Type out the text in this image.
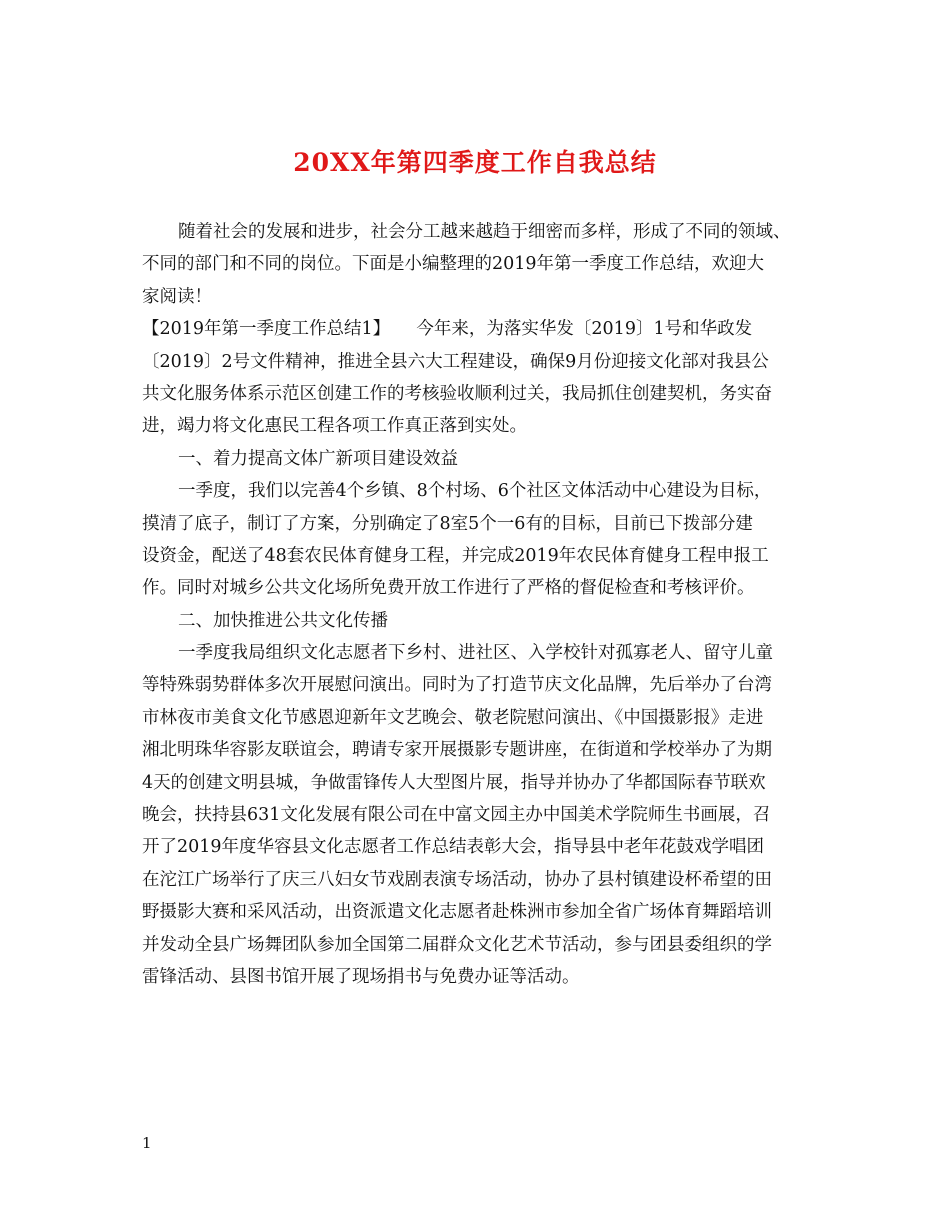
20XX年第四季度工作自我总结
随着社会的发展和进步，社会分工越来越趋于细密而多样，形成了不同的领域、
不同的部门和不同的岗位。下面是小编整理的2019年第一季度工作总结，欢迎大
家阅读！
【2019年第一季度工作总结1】　　今年来，为落实华发〔2019〕1号和华政发
〔2019〕2号文件精神，推进全县六大工程建设，确保9月份迎接文化部对我县公
共文化服务体系示范区创建工作的考核验收顺利过关，我局抓住创建契机，务实奋
进，竭力将文化惠民工程各项工作真正落到实处。
一、着力提高文体广新项目建设效益
一季度，我们以完善4个乡镇、8个村场、6个社区文体活动中心建设为目标，
摸清了底子，制订了方案，分别确定了8室5个一6有的目标，目前已下拨部分建
设资金，配送了48套农民体育健身工程，并完成2019年农民体育健身工程申报工
作。同时对城乡公共文化场所免费开放工作进行了严格的督促检查和考核评价。
二、加快推进公共文化传播
一季度我局组织文化志愿者下乡村、进社区、入学校针对孤寡老人、留守儿童
等特殊弱势群体多次开展慰问演出。同时为了打造节庆文化品牌，先后举办了台湾
市林夜市美食文化节感恩迎新年文艺晚会、敬老院慰问演出、《中国摄影报》走进
湘北明珠华容影友联谊会，聘请专家开展摄影专题讲座，在街道和学校举办了为期
4天的创建文明县城，争做雷锋传人大型图片展，指导并协办了华都国际春节联欢
晚会，扶持县631文化发展有限公司在中富文园主办中国美术学院师生书画展，召
开了2019年度华容县文化志愿者工作总结表彰大会，指导县中老年花鼓戏学唱团
在沱江广场举行了庆三八妇女节戏剧表演专场活动，协办了县村镇建设杯希望的田
野摄影大赛和采风活动，出资派遣文化志愿者赴株洲市参加全省广场体育舞蹈培训
并发动全县广场舞团队参加全国第二届群众文化艺术节活动，参与团县委组织的学
雷锋活动、县图书馆开展了现场捐书与免费办证等活动。
1
